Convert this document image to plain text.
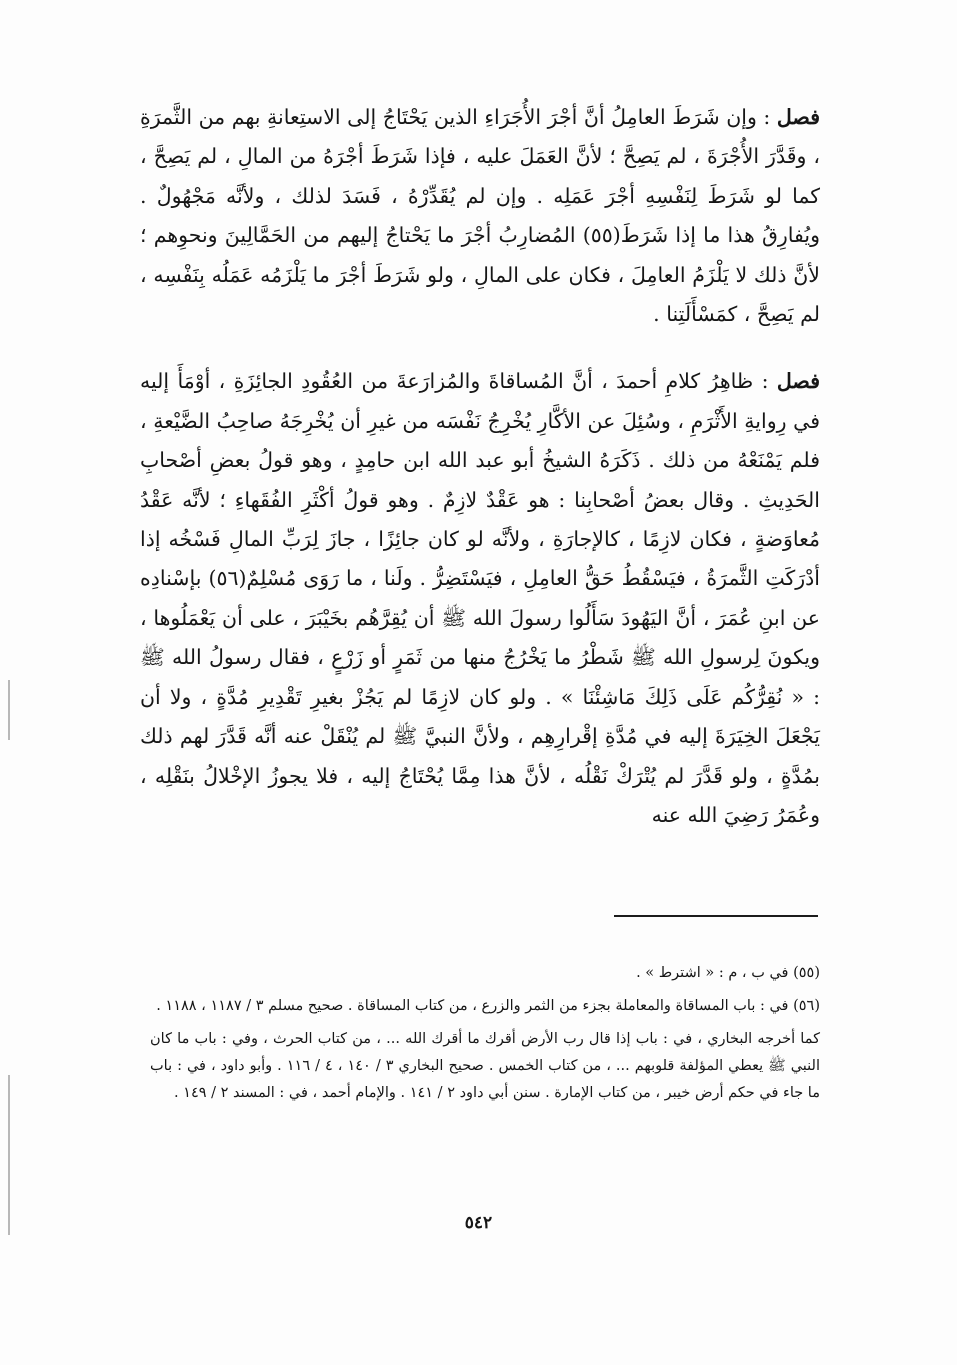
فصل : وإن شَرَطَ العامِلُ أنَّ أجْرَ الأُجَرَاءِ الذين يَحْتَاجُ إلى الاستِعانةِ بهم من الثَّمرَةِ ، وقَدَّرَ الأُجْرَةَ ، لم يَصِحَّ ؛ لأنَّ العَمَلَ عليه ، فإذا شَرَطَ أجْرَهُ من المالِ ، لم يَصِحَّ ، كما لو شَرَطَ لِنَفْسِهِ أجْرَ عَمَلِه . وإن لم يُقَدِّرْهُ ، فَسَدَ لذلك ، ولأنَّه مَجْهُولٌ . ويُفارِقُ هذا ما إذا شَرَطَ(٥٥) المُضارِبُ أجْرَ ما يَحْتاجُ إليهم من الحَمَّالِينَ ونحوِهم ؛ لأنَّ ذلك لا يَلْزَمُ العامِلَ ، فكان على المالِ ، ولو شَرَطَ أجْرَ ما يَلْزَمُه عَمَلُه بِنَفْسِه ، لم يَصِحَّ ، كمَسْأَلَتِنا .

فصل : ظاهِرُ كلامِ أحمدَ ، أنَّ المُساقاةَ والمُزارَعةَ من العُقُودِ الجائِزَةِ ، أوْمَأَ إليه في رِوايةِ الأَثْرَمِ ، وسُئِلَ عن الأكَّارِ يُخْرِجُ نَفْسَه من غيرِ أن يُخْرِجَهُ صاحِبُ الضَّيْعةِ ، فلم يَمْنَعْهُ من ذلك . ذَكَرَهُ الشيخُ أبو عبد الله ابن حامِدٍ ، وهو قولُ بعضِ أصْحابِ الحَدِيثِ . وقال بعضُ أصْحابِنا : هو عَقْدٌ لازِمٌ . وهو قولُ أكْثَرِ الفُقَهاءِ ؛ لأنَّه عَقْدُ مُعاوَضةٍ ، فكان لازِمًا ، كالإجارَةِ ، ولأنَّه لو كان جائِزًا ، جازَ لِرَبِّ المالِ فَسْخُه إذا أدْرَكَتِ الثَّمرَةُ ، فيَسْقُطُ حَقُّ العامِلِ ، فيَسْتَضِرُّ . ولَنا ، ما رَوَى مُسْلِمٌ(٥٦) بإسْنادِه عن ابنِ عُمَرَ ، أنَّ اليَهُودَ سَأَلُوا رسولَ الله ﷺ أن يُقِرَّهُم بخَيْبَرَ ، على أن يَعْمَلُوها ، ويكونَ لِرسولِ الله ﷺ شَطْرُ ما يَخْرُجُ منها من ثَمَرٍ أو زَرْعٍ ، فقال رسولُ الله ﷺ : « نُقِرُّكُم عَلَى ذَلِكَ مَاشِئْنَا » . ولو كان لازِمًا لم يَجُزْ بغيرِ تَقْدِيرِ مُدَّةٍ ، ولا أن يَجْعَلَ الخِيَرَةَ إليه في مُدَّةِ إقْرارِهِم ، ولأنَّ النبيَّ ﷺ لم يُنْقَلْ عنه أنَّه قَدَّرَ لهم ذلك بمُدَّةٍ ، ولو قَدَّرَ لم يُتْرَكْ نَقْلُه ، لأنَّ هذا مِمَّا يُحْتَاجُ إليه ، فلا يجوزُ الإخْلالُ بنَقْلِه ، وعُمَرُ رَضِيَ الله عنه

(٥٥) في ب ، م : « اشترط » .

(٥٦) في : باب المساقاة والمعاملة بجزء من الثمر والزرع ، من كتاب المساقاة . صحيح مسلم ٣ / ١١٨٧ ، ١١٨٨ .

كما أخرجه البخاري ، في : باب إذا قال رب الأرض أقرك ما أقرك الله ... ، من كتاب الحرث ، وفي : باب ما كان النبي ﷺ يعطي المؤلفة قلوبهم ... ، من كتاب الخمس . صحيح البخاري ٣ / ١٤٠ ، ٤ / ١١٦ . وأبو داود ، في : باب ما جاء في حكم أرض خيبر ، من كتاب الإمارة . سنن أبي داود ٢ / ١٤١ . والإمام أحمد ، في : المسند ٢ / ١٤٩ .

٥٤٢
